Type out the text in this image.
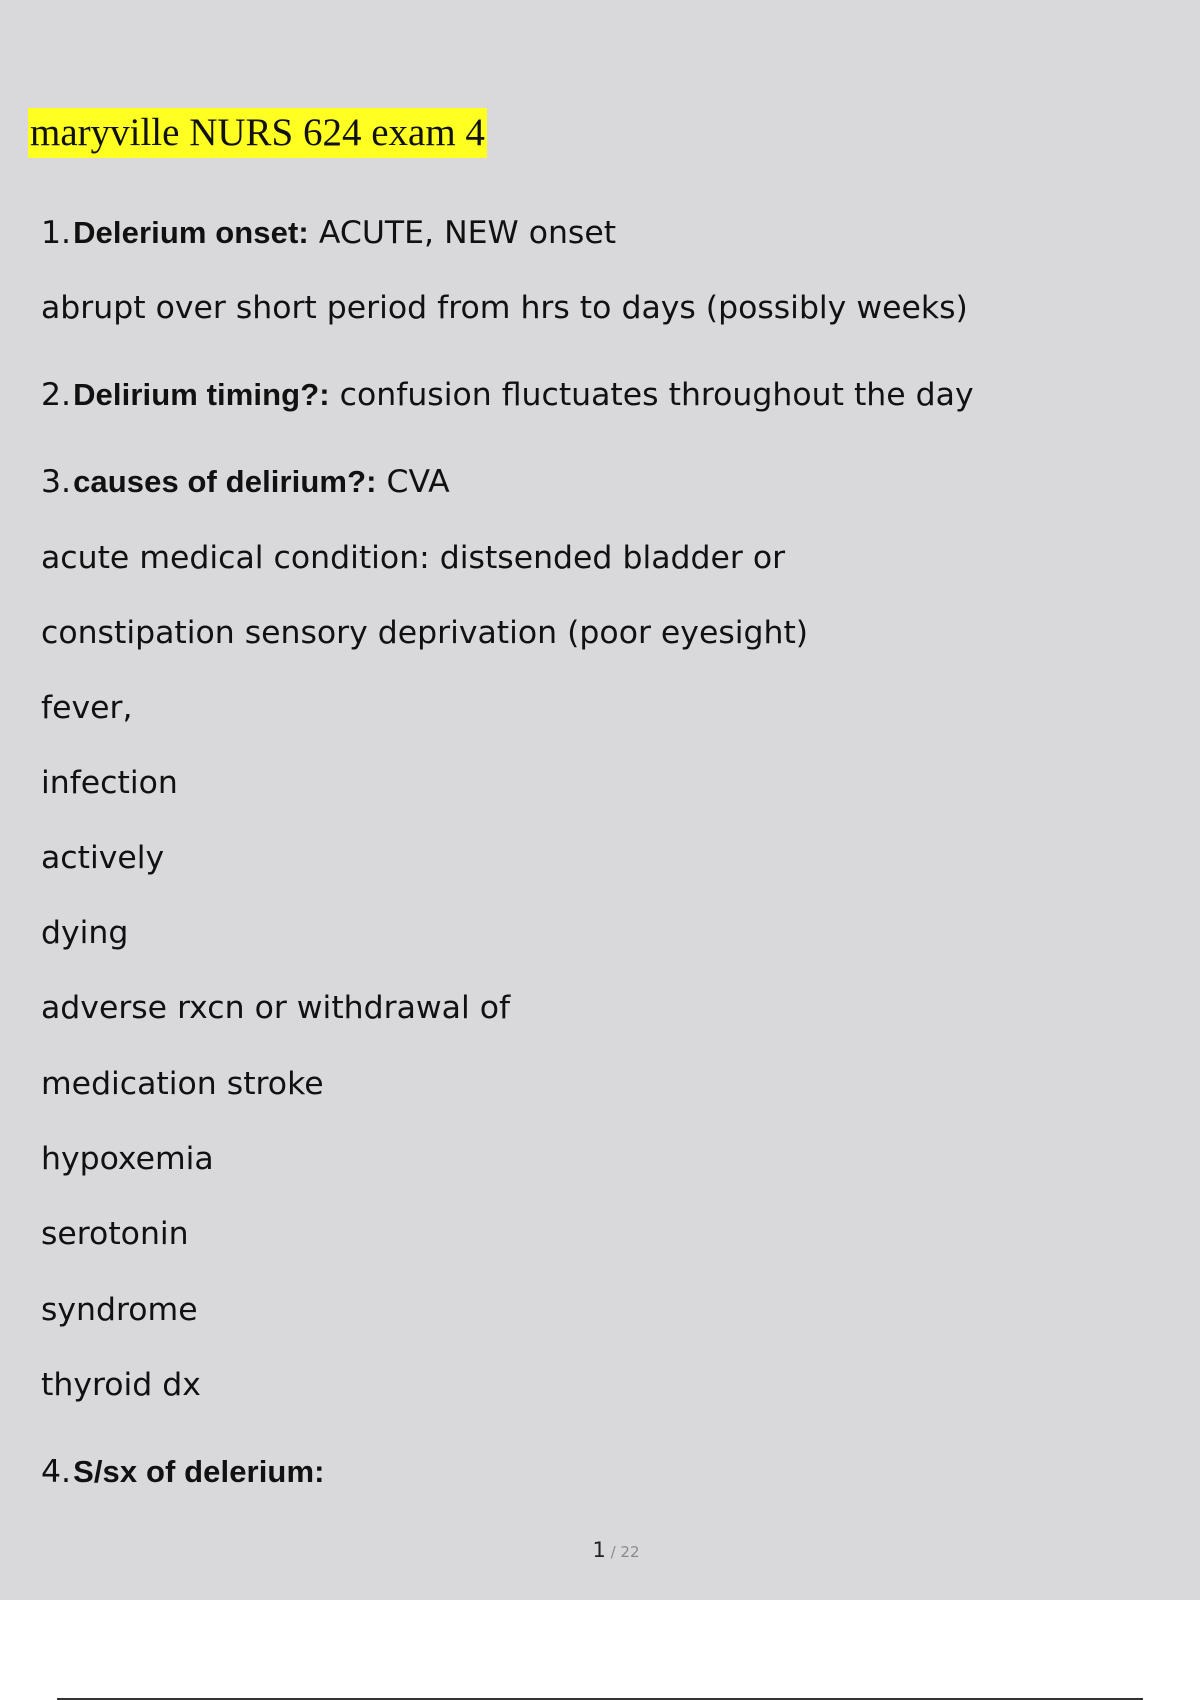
maryville NURS 624 exam 4
1.Delerium onset: ACUTE, NEW onset
abrupt over short period from hrs to days (possibly weeks)
2.Delirium timing?: confusion fluctuates throughout the day
3.causes of delirium?: CVA
acute medical condition: distsended bladder or
constipation sensory deprivation (poor eyesight)
fever,
infection
actively
dying
adverse rxcn or withdrawal of
medication stroke
hypoxemia
serotonin
syndrome
thyroid dx
4.S/sx of delerium:
1 / 22
